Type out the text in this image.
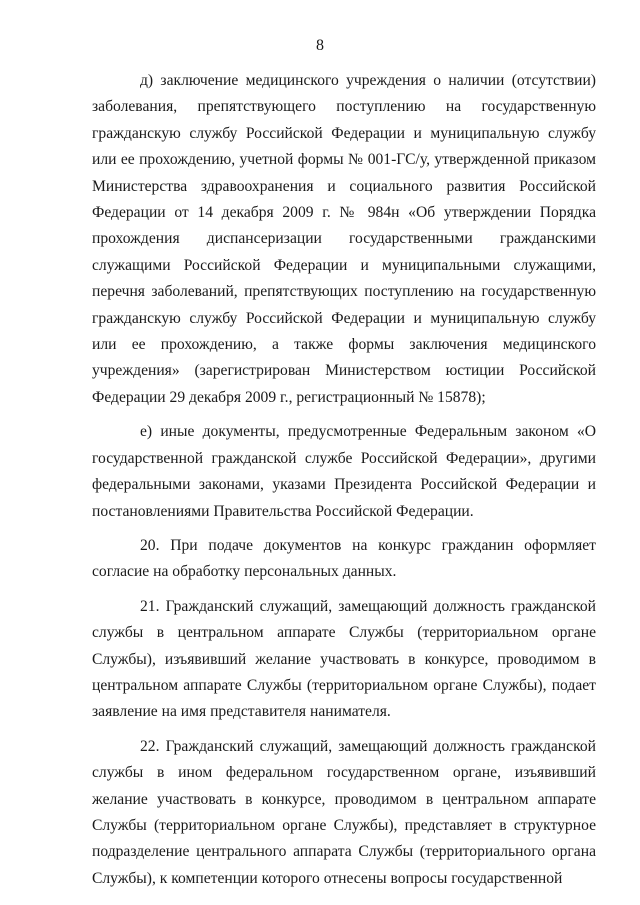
8

д) заключение медицинского учреждения о наличии (отсутствии) заболевания, препятствующего поступлению на государственную гражданскую службу Российской Федерации и муниципальную службу или ее прохождению, учетной формы № 001-ГС/у, утвержденной приказом Министерства здравоохранения и социального развития Российской Федерации от 14 декабря 2009 г. № 984н «Об утверждении Порядка прохождения диспансеризации государственными гражданскими служащими Российской Федерации и муниципальными служащими, перечня заболеваний, препятствующих поступлению на государственную гражданскую службу Российской Федерации и муниципальную службу или ее прохождению, а также формы заключения медицинского учреждения» (зарегистрирован Министерством юстиции Российской Федерации 29 декабря 2009 г., регистрационный № 15878);

е) иные документы, предусмотренные Федеральным законом «О государственной гражданской службе Российской Федерации», другими федеральными законами, указами Президента Российской Федерации и постановлениями Правительства Российской Федерации.

20. При подаче документов на конкурс гражданин оформляет согласие на обработку персональных данных.

21. Гражданский служащий, замещающий должность гражданской службы в центральном аппарате Службы (территориальном органе Службы), изъявивший желание участвовать в конкурсе, проводимом в центральном аппарате Службы (территориальном органе Службы), подает заявление на имя представителя нанимателя.

22. Гражданский служащий, замещающий должность гражданской службы в ином федеральном государственном органе, изъявивший желание участвовать в конкурсе, проводимом в центральном аппарате Службы (территориальном органе Службы), представляет в структурное подразделение центрального аппарата Службы (территориального органа Службы), к компетенции которого отнесены вопросы государственной
